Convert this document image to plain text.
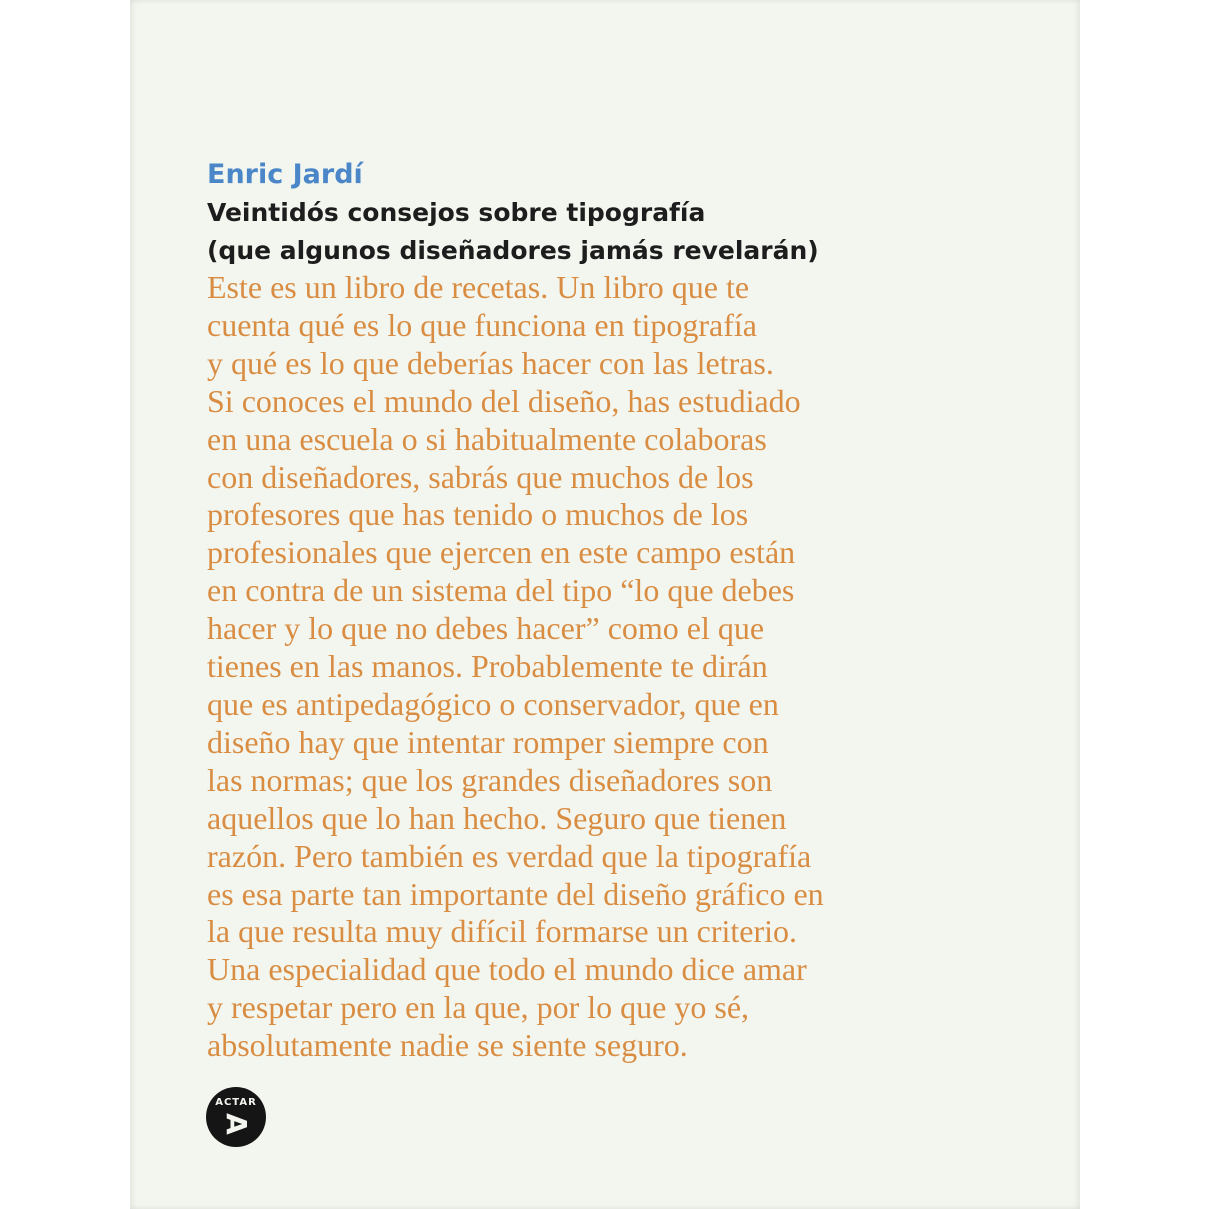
Enric Jardí
Veintidós consejos sobre tipografía
(que algunos diseñadores jamás revelarán)
Este es un libro de recetas. Un libro que te
cuenta qué es lo que funciona en tipografía
y qué es lo que deberías hacer con las letras.
Si conoces el mundo del diseño, has estudiado
en una escuela o si habitualmente colaboras
con diseñadores, sabrás que muchos de los
profesores que has tenido o muchos de los
profesionales que ejercen en este campo están
en contra de un sistema del tipo “lo que debes
hacer y lo que no debes hacer” como el que
tienes en las manos. Probablemente te dirán
que es antipedagógico o conservador, que en
diseño hay que intentar romper siempre con
las normas; que los grandes diseñadores son
aquellos que lo han hecho. Seguro que tienen
razón. Pero también es verdad que la tipografía
es esa parte tan importante del diseño gráfico en
la que resulta muy difícil formarse un criterio.
Una especialidad que todo el mundo dice amar
y respetar pero en la que, por lo que yo sé,
absolutamente nadie se siente seguro.
ACTAR
A
